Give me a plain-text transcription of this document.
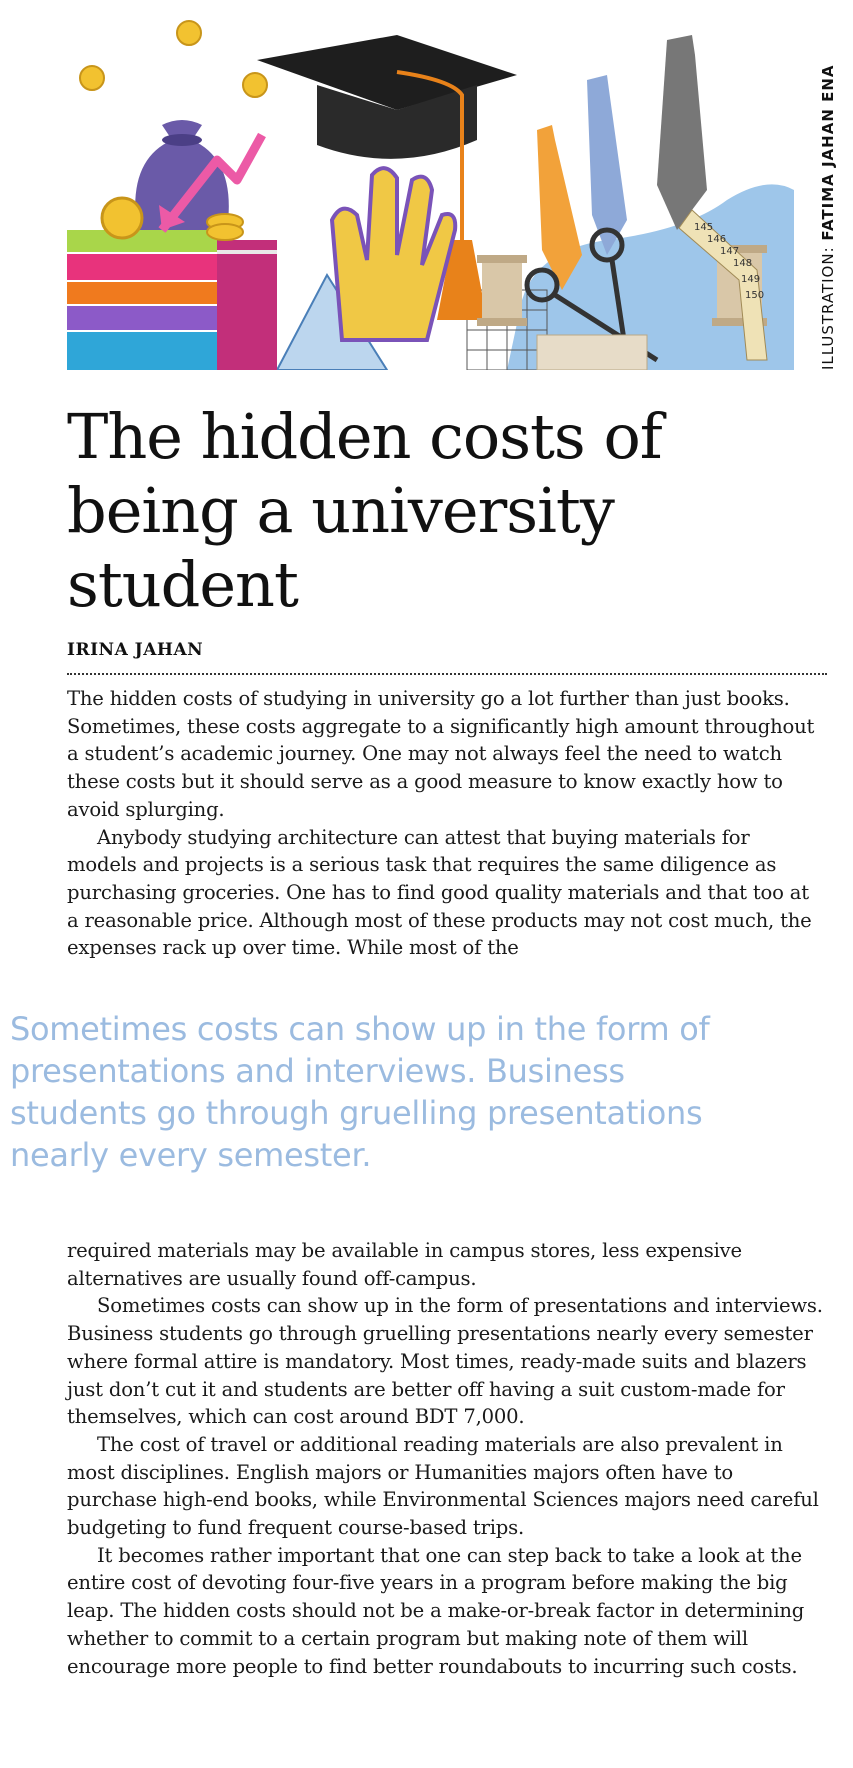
145
146
147
148
149
150	ILLUSTRATION: FATIMA JAHAN ENA
The hidden costs of being a university student

IRINA JAHAN

The hidden costs of studying in university go a lot further than just books. Sometimes, these costs aggregate to a significantly high amount throughout a student’s academic journey. One may not always feel the need to watch these costs but it should serve as a good measure to know exactly how to avoid splurging.

Anybody studying architecture can attest that buying materials for models and projects is a serious task that requires the same diligence as purchasing groceries. One has to find good quality materials and that too at a reasonable price. Although most of these products may not cost much, the expenses rack up over time. While most of the

Sometimes costs can show up in the form of presentations and interviews. Business students go through gruelling presentations nearly every semester.

required materials may be available in campus stores, less expensive alternatives are usually found off-campus.

Sometimes costs can show up in the form of presentations and interviews. Business students go through gruelling presentations nearly every semester where formal attire is mandatory. Most times, ready-made suits and blazers just don’t cut it and students are better off having a suit custom-made for themselves, which can cost around BDT 7,000.

The cost of travel or additional reading materials are also prevalent in most disciplines. English majors or Humanities majors often have to purchase high-end books, while Environmental Sciences majors need careful budgeting to fund frequent course-based trips.

It becomes rather important that one can step back to take a look at the entire cost of devoting four-five years in a program before making the big leap. The hidden costs should not be a make-or-break factor in determining whether to commit to a certain program but making note of them will encourage more people to find better roundabouts to incurring such costs.
